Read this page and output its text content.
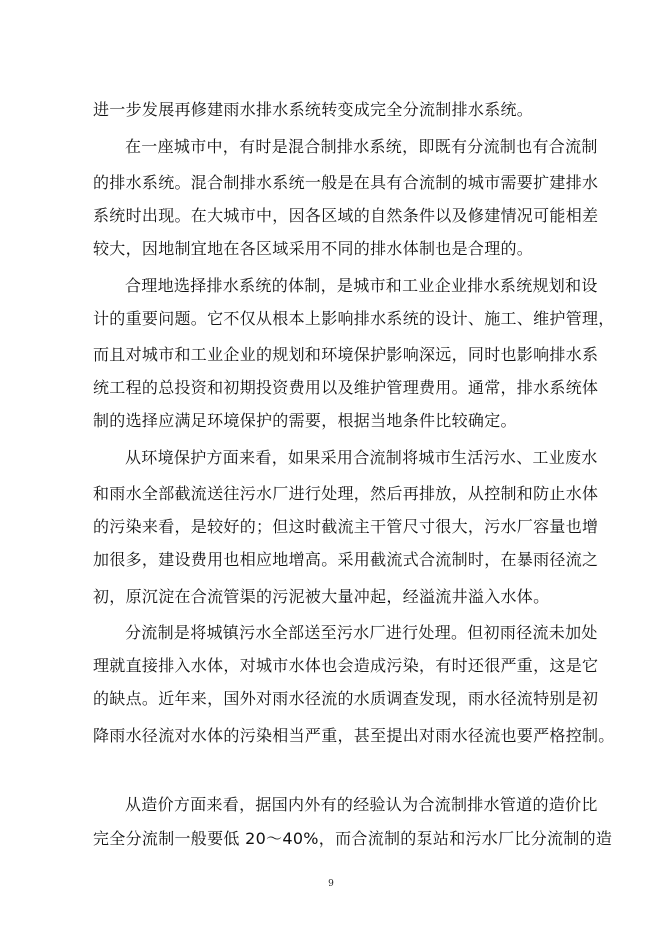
进一步发展再修建雨水排水系统转变成完全分流制排水系统。
在一座城市中，有时是混合制排水系统，即既有分流制也有合流制
的排水系统。混合制排水系统一般是在具有合流制的城市需要扩建排水
系统时出现。在大城市中，因各区域的自然条件以及修建情况可能相差
较大，因地制宜地在各区域采用不同的排水体制也是合理的。
合理地选择排水系统的体制，是城市和工业企业排水系统规划和设
计的重要问题。它不仅从根本上影响排水系统的设计、施工、维护管理，
而且对城市和工业企业的规划和环境保护影响深远，同时也影响排水系
统工程的总投资和初期投资费用以及维护管理费用。通常，排水系统体
制的选择应满足环境保护的需要，根据当地条件比较确定。
从环境保护方面来看，如果采用合流制将城市生活污水、工业废水
和雨水全部截流送往污水厂进行处理，然后再排放，从控制和防止水体
的污染来看，是较好的；但这时截流主干管尺寸很大，污水厂容量也增
加很多，建设费用也相应地增高。采用截流式合流制时，在暴雨径流之
初，原沉淀在合流管渠的污泥被大量冲起，经溢流井溢入水体。
分流制是将城镇污水全部送至污水厂进行处理。但初雨径流未加处
理就直接排入水体，对城市水体也会造成污染，有时还很严重，这是它
的缺点。近年来，国外对雨水径流的水质调查发现，雨水径流特别是初
降雨水径流对水体的污染相当严重，甚至提出对雨水径流也要严格控制。
从造价方面来看，据国内外有的经验认为合流制排水管道的造价比
完全分流制一般要低 20～40%，而合流制的泵站和污水厂比分流制的造
9
